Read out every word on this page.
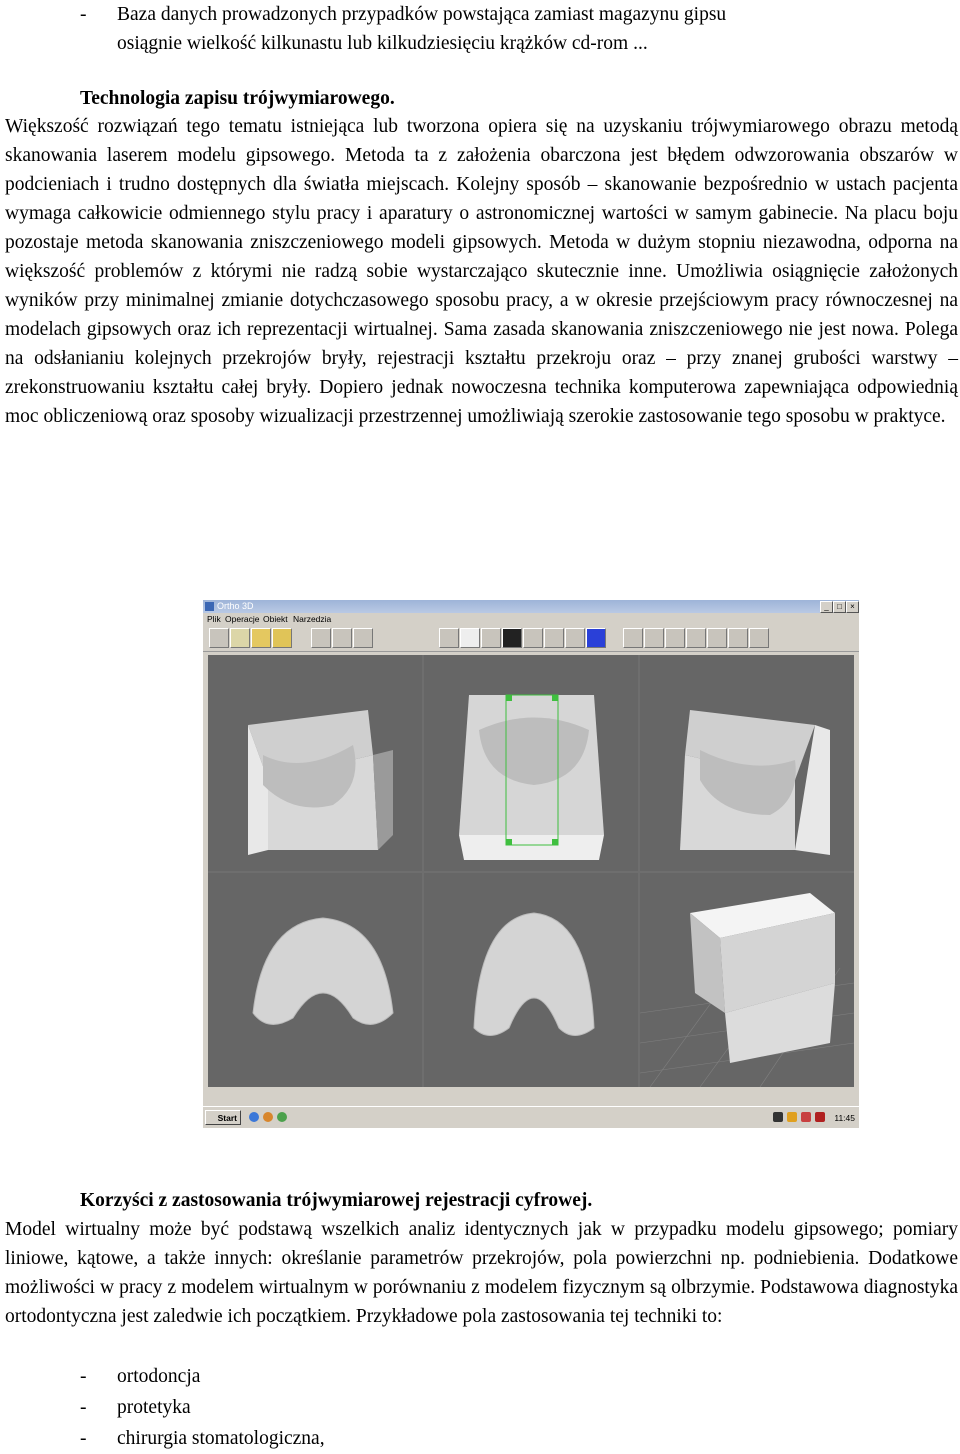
- Baza danych prowadzonych przypadków powstająca zamiast magazynu gipsu
osiągnie wielkość kilkunastu lub kilkudziesięciu krążków cd-rom ...
Technologia zapisu trójwymiarowego.
Większość rozwiązań tego tematu istniejąca lub tworzona opiera się na uzyskaniu trójwymiarowego obrazu metodą skanowania laserem modelu gipsowego. Metoda ta z założenia obarczona jest błędem odwzorowania obszarów w podcieniach i trudno dostępnych dla światła miejscach. Kolejny sposób – skanowanie bezpośrednio w ustach pacjenta wymaga całkowicie odmiennego stylu pracy i aparatury o astronomicznej wartości w samym gabinecie. Na placu boju pozostaje metoda skanowania zniszczeniowego modeli gipsowych. Metoda w dużym stopniu niezawodna, odporna na większość problemów z którymi nie radzą sobie wystarczająco skutecznie inne. Umożliwia osiągnięcie założonych wyników przy minimalnej zmianie dotychczasowego sposobu pracy, a w okresie przejściowym pracy równoczesnej na modelach gipsowych oraz ich reprezentacji wirtualnej. Sama zasada skanowania zniszczeniowego nie jest nowa. Polega na odsłanianiu kolejnych przekrojów bryły, rejestracji kształtu przekroju oraz – przy znanej grubości warstwy – zrekonstruowaniu kształtu całej bryły. Dopiero jednak nowoczesna technika komputerowa zapewniająca odpowiednią moc obliczeniową oraz sposoby wizualizacji przestrzennej umożliwiają szerokie zastosowanie tego sposobu w praktyce.
Ortho 3D	_	□	×
Plik Operacje Obiekt Narzedzia
Start	11:45
Korzyści z zastosowania trójwymiarowej rejestracji cyfrowej.
Model wirtualny może być podstawą wszelkich analiz identycznych jak w przypadku modelu gipsowego; pomiary liniowe, kątowe, a także innych: określanie parametrów przekrojów, pola powierzchni np. podniebienia. Dodatkowe możliwości w pracy z modelem wirtualnym w porównaniu z modelem fizycznym są olbrzymie. Podstawowa diagnostyka ortodontyczna jest zaledwie ich początkiem. Przykładowe pola zastosowania tej techniki to:
- ortodoncja
- protetyka
- chirurgia stomatologiczna,
